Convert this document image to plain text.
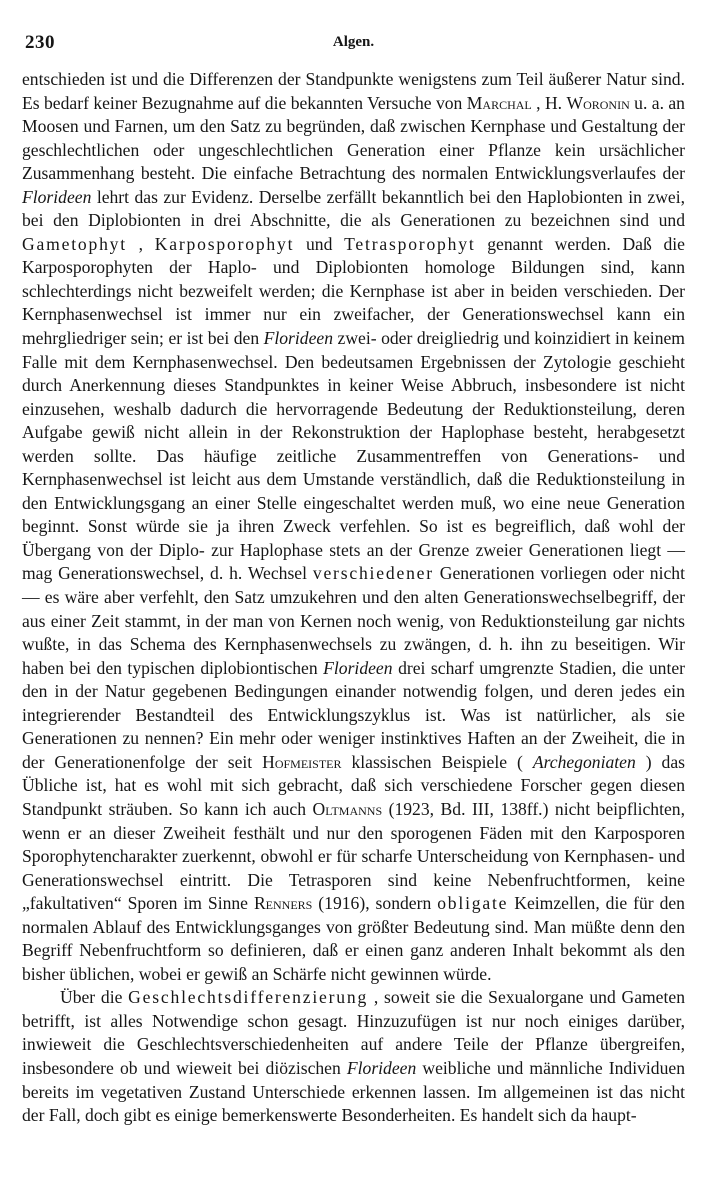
230	Algen.

entschieden ist und die Differenzen der Standpunkte wenigstens zum Teil äußerer Natur sind. Es bedarf keiner Bezugnahme auf die bekannten Versuche von Marchal , H. Woronin u. a. an Moosen und Farnen, um den Satz zu begründen, daß zwischen Kernphase und Gestaltung der geschlechtlichen oder ungeschlechtlichen Generation einer Pflanze kein ursächlicher Zusammenhang besteht. Die einfache Betrachtung des normalen Entwicklungsverlaufes der Florideen lehrt das zur Evidenz. Derselbe zerfällt bekanntlich bei den Haplobionten in zwei, bei den Diplobionten in drei Abschnitte, die als Generationen zu bezeichnen sind und Gametophyt , Karposporophyt und Tetrasporophyt genannt werden. Daß die Karposporophyten der Haplo- und Diplobionten homologe Bildungen sind, kann schlechterdings nicht bezweifelt werden; die Kernphase ist aber in beiden verschieden. Der Kernphasenwechsel ist immer nur ein zweifacher, der Generationswechsel kann ein mehrgliedriger sein; er ist bei den Florideen zwei- oder dreigliedrig und koinzidiert in keinem Falle mit dem Kernphasenwechsel. Den bedeutsamen Ergebnissen der Zytologie geschieht durch Anerkennung dieses Standpunktes in keiner Weise Abbruch, insbesondere ist nicht einzusehen, weshalb dadurch die hervorragende Bedeutung der Reduktionsteilung, deren Aufgabe gewiß nicht allein in der Rekonstruktion der Haplophase besteht, herabgesetzt werden sollte. Das häufige zeitliche Zusammentreffen von Generations- und Kernphasenwechsel ist leicht aus dem Umstande verständlich, daß die Reduktionsteilung in den Entwicklungsgang an einer Stelle eingeschaltet werden muß, wo eine neue Generation beginnt. Sonst würde sie ja ihren Zweck verfehlen. So ist es begreiflich, daß wohl der Übergang von der Diplo- zur Haplophase stets an der Grenze zweier Generationen liegt — mag Generationswechsel, d. h. Wechsel verschiedener Generationen vorliegen oder nicht — es wäre aber verfehlt, den Satz umzukehren und den alten Generationswechselbegriff, der aus einer Zeit stammt, in der man von Kernen noch wenig, von Reduktionsteilung gar nichts wußte, in das Schema des Kernphasenwechsels zu zwängen, d. h. ihn zu beseitigen. Wir haben bei den typischen diplobiontischen Florideen drei scharf umgrenzte Stadien, die unter den in der Natur gegebenen Bedingungen einander notwendig folgen, und deren jedes ein integrierender Bestandteil des Entwicklungszyklus ist. Was ist natürlicher, als sie Generationen zu nennen? Ein mehr oder weniger instinktives Haften an der Zweiheit, die in der Generationenfolge der seit Hofmeister klassischen Beispiele ( Archegoniaten ) das Übliche ist, hat es wohl mit sich gebracht, daß sich verschiedene Forscher gegen diesen Standpunkt sträuben. So kann ich auch Oltmanns (1923, Bd. III, 138ff.) nicht beipflichten, wenn er an dieser Zweiheit festhält und nur den sporogenen Fäden mit den Karposporen Sporophytencharakter zuerkennt, obwohl er für scharfe Unterscheidung von Kernphasen- und Generationswechsel eintritt. Die Tetrasporen sind keine Nebenfruchtformen, keine „fakultativen“ Sporen im Sinne Renners (1916), sondern obligate Keimzellen, die für den normalen Ablauf des Entwicklungsganges von größter Bedeutung sind. Man müßte denn den Begriff Nebenfruchtform so definieren, daß er einen ganz anderen Inhalt bekommt als den bisher üblichen, wobei er gewiß an Schärfe nicht gewinnen würde.

Über die Geschlechtsdifferenzierung , soweit sie die Sexualorgane und Gameten betrifft, ist alles Notwendige schon gesagt. Hinzuzufügen ist nur noch einiges darüber, inwieweit die Geschlechtsverschiedenheiten auf andere Teile der Pflanze übergreifen, insbesondere ob und wieweit bei diözischen Florideen weibliche und männliche Individuen bereits im vegetativen Zustand Unterschiede erkennen lassen. Im allgemeinen ist das nicht der Fall, doch gibt es einige bemerkenswerte Besonderheiten. Es handelt sich da haupt-
